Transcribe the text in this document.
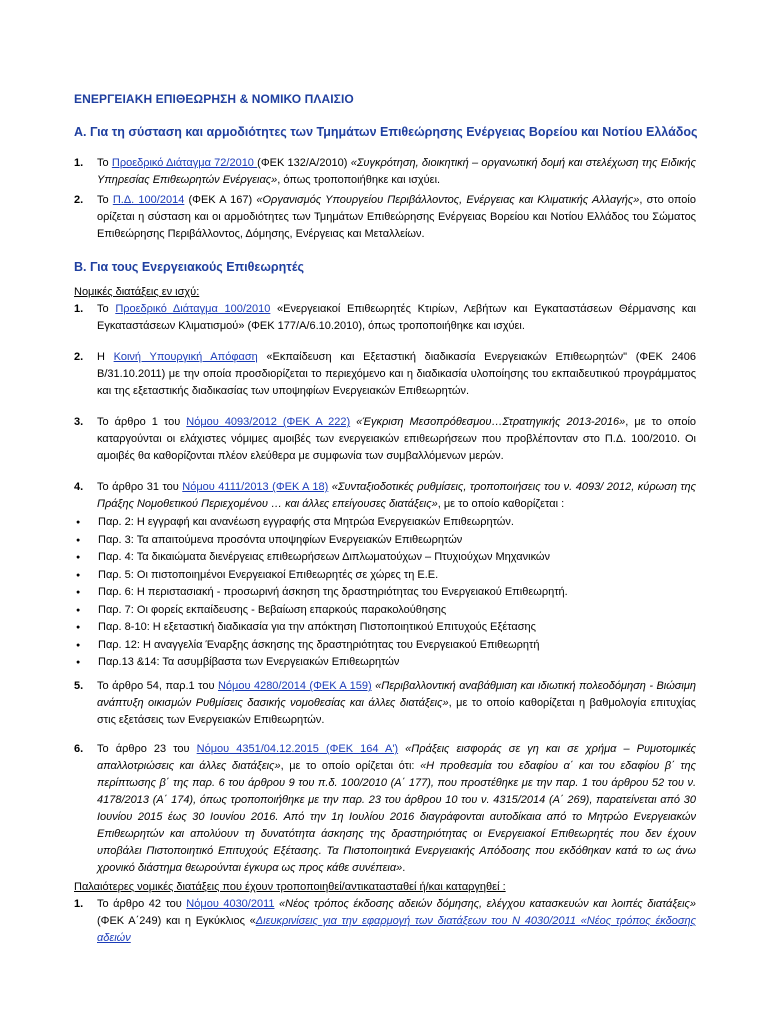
ΕΝΕΡΓΕΙΑΚΗ ΕΠΙΘΕΩΡΗΣΗ & ΝΟΜΙΚΟ ΠΛΑΙΣΙΟ
A. Για τη σύσταση και αρμοδιότητες των Τμημάτων Επιθεώρησης Ενέργειας Βορείου και Νοτίου Ελλάδος
1. Το Προεδρικό Διάταγμα 72/2010 (ΦΕΚ 132/Α/2010) «Συγκρότηση, διοικητική – οργανωτική δομή και στελέχωση της Ειδικής Υπηρεσίας Επιθεωρητών Ενέργειας», όπως τροποποιήθηκε και ισχύει.
2. Το Π.Δ. 100/2014 (ΦΕΚ Α 167) «Οργανισμός Υπουργείου Περιβάλλοντος, Ενέργειας και Κλιματικής Αλλαγής», στο οποίο ορίζεται η σύσταση και οι αρμοδιότητες των Τμημάτων Επιθεώρησης Ενέργειας Βορείου και Νοτίου Ελλάδος του Σώματος Επιθεώρησης Περιβάλλοντος, Δόμησης, Ενέργειας και Μεταλλείων.
B. Για τους Ενεργειακούς Επιθεωρητές
Νομικές διατάξεις εν ισχύ:
1. Το Προεδρικό Διάταγμα 100/2010 «Ενεργειακοί Επιθεωρητές Κτιρίων, Λεβήτων και Εγκαταστάσεων Θέρμανσης και Εγκαταστάσεων Κλιματισμού» (ΦΕΚ 177/Α/6.10.2010), όπως τροποποιήθηκε και ισχύει.
2. Η Κοινή Υπουργική Απόφαση «Εκπαίδευση και Εξεταστική διαδικασία Ενεργειακών Επιθεωρητών" (ΦΕΚ 2406 Β/31.10.2011) με την οποία προσδιορίζεται το περιεχόμενο και η διαδικασία υλοποίησης του εκπαιδευτικού προγράμματος και της εξεταστικής διαδικασίας των υποψηφίων Ενεργειακών Επιθεωρητών.
3. Το άρθρο 1 του Νόμου 4093/2012 (ΦΕΚ Α 222) «Έγκριση Μεσοπρόθεσμου…Στρατηγικής 2013-2016», με το οποίο καταργούνται οι ελάχιστες νόμιμες αμοιβές των ενεργειακών επιθεωρήσεων που προβλέπονταν στο Π.Δ. 100/2010. Οι αμοιβές θα καθορίζονται πλέον ελεύθερα με συμφωνία των συμβαλλόμενων μερών.
4. Το άρθρο 31 του Νόμου 4111/2013 (ΦΕΚ Α 18) «Συνταξιοδοτικές ρυθμίσεις, τροποποιήσεις του ν. 4093/ 2012, κύρωση της Πράξης Νομοθετικού Περιεχομένου … και άλλες επείγουσες διατάξεις», με το οποίο καθορίζεται :
● Παρ. 2: Η εγγραφή και ανανέωση εγγραφής στα Μητρώα Ενεργειακών Επιθεωρητών.
● Παρ. 3: Τα απαιτούμενα προσόντα υποψηφίων Ενεργειακών Επιθεωρητών
● Παρ. 4: Τα δικαιώματα διενέργειας επιθεωρήσεων Διπλωματούχων – Πτυχιούχων Μηχανικών
● Παρ. 5: Οι πιστοποιημένοι Ενεργειακοί Επιθεωρητές σε χώρες τη Ε.Ε.
● Παρ. 6: Η περιστασιακή - προσωρινή άσκηση της δραστηριότητας του Ενεργειακού Επιθεωρητή.
● Παρ. 7: Οι φορείς εκπαίδευσης - Βεβαίωση επαρκούς παρακολούθησης
● Παρ. 8-10: Η εξεταστική διαδικασία για την απόκτηση Πιστοποιητικού Επιτυχούς Εξέτασης
● Παρ. 12: Η αναγγελία Έναρξης άσκησης της δραστηριότητας του Ενεργειακού Επιθεωρητή
● Παρ.13 &14: Τα ασυμβίβαστα των Ενεργειακών Επιθεωρητών
5. Το άρθρο 54, παρ.1 του Νόμου 4280/2014 (ΦΕΚ Α 159) «Περιβαλλοντική αναβάθμιση και ιδιωτική πολεοδόμηση - Βιώσιμη ανάπτυξη οικισμών Ρυθμίσεις δασικής νομοθεσίας και άλλες διατάξεις», με το οποίο καθορίζεται η βαθμολογία επιτυχίας στις εξετάσεις των Ενεργειακών Επιθεωρητών.
6. Το άρθρο 23 του Νόμου 4351/04.12.2015 (ΦΕΚ 164 Α') «Πράξεις εισφοράς σε γη και σε χρήμα – Ρυμοτομικές απαλλοτριώσεις και άλλες διατάξεις», με το οποίο ορίζεται ότι: «Η προθεσμία του εδαφίου α΄ και του εδαφίου β΄ της περίπτωσης β΄ της παρ. 6 του άρθρου 9 του π.δ. 100/2010 (Α΄ 177), που προστέθηκε με την παρ. 1 του άρθρου 52 του ν. 4178/2013 (Α΄ 174), όπως τροποποιήθηκε με την παρ. 23 του άρθρου 10 του ν. 4315/2014 (Α΄ 269), παρατείνεται από 30 Ιουνίου 2015 έως 30 Ιουνίου 2016. Από την 1η Ιουλίου 2016 διαγράφονται αυτοδίκαια από το Μητρώο Ενεργειακών Επιθεωρητών και απολύουν τη δυνατότητα άσκησης της δραστηριότητας οι Ενεργειακοί Επιθεωρητές που δεν έχουν υποβάλει Πιστοποιητικό Επιτυχούς Εξέτασης. Τα Πιστοποιητικά Ενεργειακής Απόδοσης που εκδόθηκαν κατά το ως άνω χρονικό διάστημα θεωρούνται έγκυρα ως προς κάθε συνέπεια».
Παλαιότερες νομικές διατάξεις που έχουν τροποποιηθεί/αντικατασταθεί ή/και καταργηθεί :
1. Το άρθρο 42 του Νόμου 4030/2011 «Νέος τρόπος έκδοσης αδειών δόμησης, ελέγχου κατασκευών και λοιπές διατάξεις» (ΦΕΚ Α΄249) και η Εγκύκλιος «Διευκρινίσεις για την εφαρμογή των διατάξεων του Ν 4030/2011 «Νέος τρόπος έκδοσης αδειών
